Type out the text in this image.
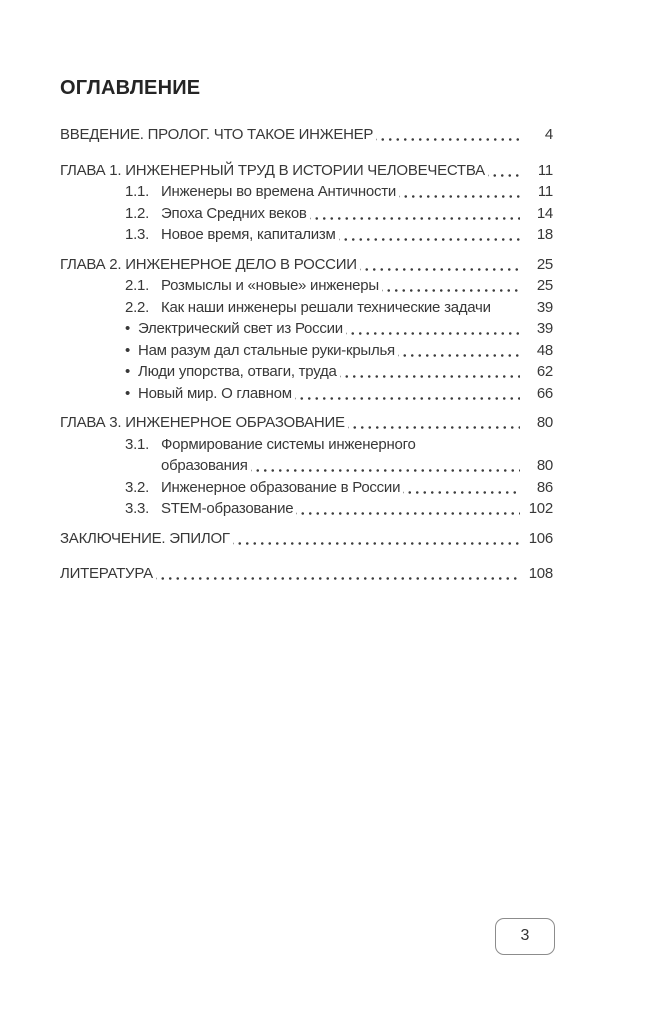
ОГЛАВЛЕНИЕ
ВВЕДЕНИЕ. ПРОЛОГ. ЧТО ТАКОЕ ИНЖЕНЕР	4
ГЛАВА 1. ИНЖЕНЕРНЫЙ ТРУД В ИСТОРИИ ЧЕЛОВЕЧЕСТВА	11
1.1. Инженеры во времена Античности	11
1.2. Эпоха Средних веков	14
1.3. Новое время, капитализм	18
ГЛАВА 2. ИНЖЕНЕРНОЕ ДЕЛО В РОССИИ	25
2.1. Розмыслы и «новые» инженеры	25
2.2. Как наши инженеры решали технические задачи	39
• Электрический свет из России	39
• Нам разум дал стальные руки-крылья	48
• Люди упорства, отваги, труда	62
• Новый мир. О главном	66
ГЛАВА 3. ИНЖЕНЕРНОЕ ОБРАЗОВАНИЕ	80
3.1. Формирование системы инженерного
образования	80
3.2. Инженерное образование в России	86
3.3. STEM-образование	102
ЗАКЛЮЧЕНИЕ. ЭПИЛОГ	106
ЛИТЕРАТУРА	108
3
